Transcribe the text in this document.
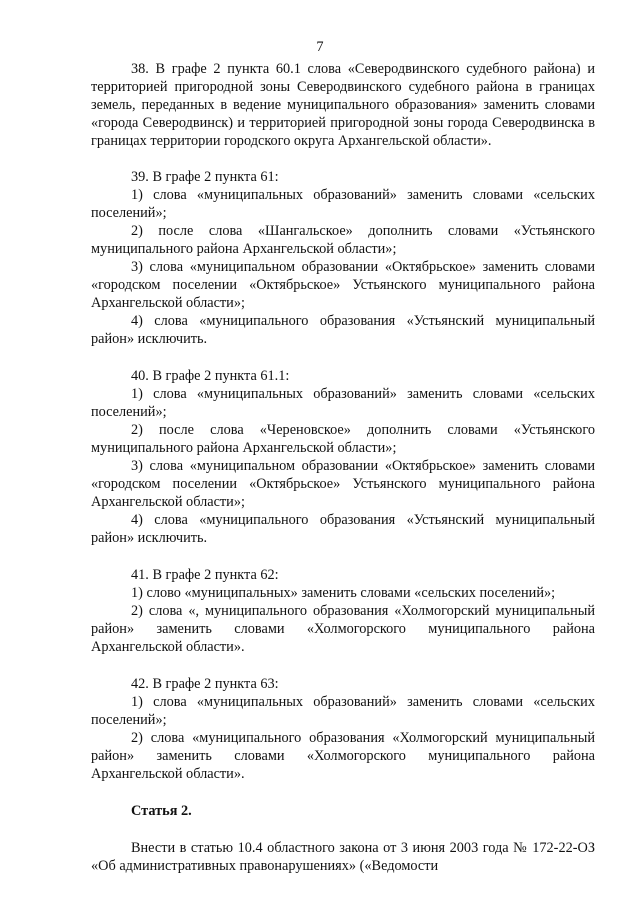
7

38. В графе 2 пункта 60.1 слова «Северодвинского судебного района) и территорией пригородной зоны Северодвинского судебного района в границах земель, переданных в ведение муниципального образования» заменить словами «города Северодвинск) и территорией пригородной зоны города Северодвинска в границах территории городского округа Архангельской области».

39. В графе 2 пункта 61:

1) слова «муниципальных образований» заменить словами «сельских поселений»;

2) после слова «Шангальское» дополнить словами «Устьянского муниципального района Архангельской области»;

3) слова «муниципальном образовании «Октябрьское» заменить словами «городском поселении «Октябрьское» Устьянского муниципального района Архангельской области»;

4) слова «муниципального образования «Устьянский муниципальный район» исключить.

40. В графе 2 пункта 61.1:

1) слова «муниципальных образований» заменить словами «сельских поселений»;

2) после слова «Череновское» дополнить словами «Устьянского муниципального района Архангельской области»;

3) слова «муниципальном образовании «Октябрьское» заменить словами «городском поселении «Октябрьское» Устьянского муниципального района Архангельской области»;

4) слова «муниципального образования «Устьянский муниципальный район» исключить.

41. В графе 2 пункта 62:

1) слово «муниципальных» заменить словами «сельских поселений»;

2) слова «, муниципального образования «Холмогорский муниципальный район» заменить словами «Холмогорского муниципального района Архангельской области».

42. В графе 2 пункта 63:

1) слова «муниципальных образований» заменить словами «сельских поселений»;

2) слова «муниципального образования «Холмогорский муниципальный район» заменить словами «Холмогорского муниципального района Архангельской области».

Статья 2.

Внести в статью 10.4 областного закона от 3 июня 2003 года № 172-22-ОЗ «Об административных правонарушениях» («Ведомости
